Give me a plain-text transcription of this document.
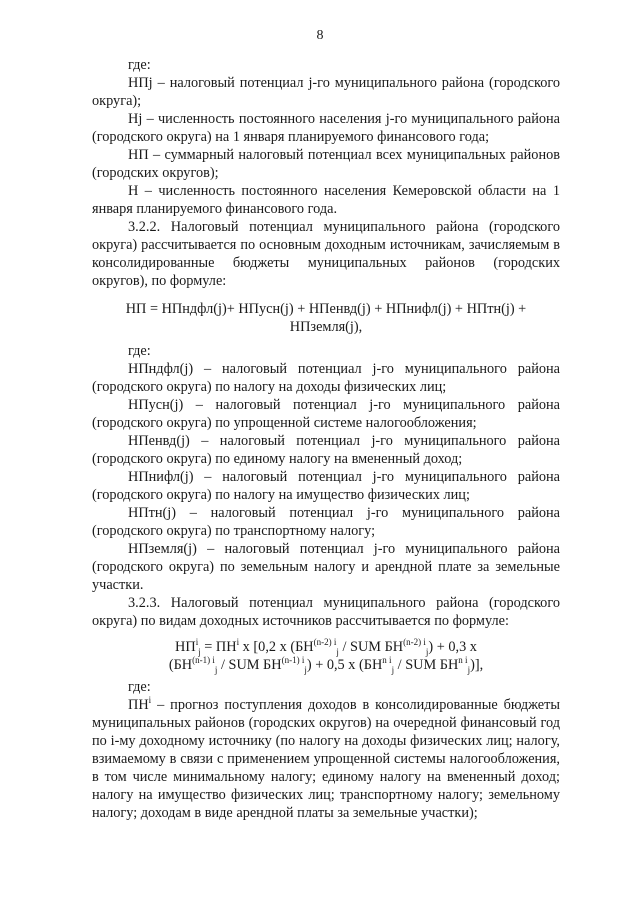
8

где:

НПj – налоговый потенциал j-го муниципального района (городского округа);

Нj – численность постоянного населения j-го муниципального района (городского округа) на 1 января планируемого финансового года;

НП – суммарный налоговый потенциал всех муниципальных районов (городских округов);

Н – численность постоянного населения Кемеровской области на 1 января планируемого финансового года.

3.2.2. Налоговый потенциал муниципального района (городского округа) рассчитывается по основным доходным источникам, зачисляемым в консолидированные бюджеты муниципальных районов (городских округов), по формуле:

НП = НПндфл(j)+ НПусн(j) + НПенвд(j) + НПнифл(j) + НПтн(j) +
НПземля(j),

где:

НПндфл(j) – налоговый потенциал j-го муниципального района (городского округа) по налогу на доходы физических лиц;

НПусн(j) – налоговый потенциал j-го муниципального района (городского округа) по упрощенной системе налогообложения;

НПенвд(j) – налоговый потенциал j-го муниципального района (городского округа) по единому налогу на вмененный доход;

НПнифл(j) – налоговый потенциал j-го муниципального района (городского округа) по налогу на имущество физических лиц;

НПтн(j) – налоговый потенциал j-го муниципального района (городского округа) по транспортному налогу;

НПземля(j) – налоговый потенциал j-го муниципального района (городского округа) по земельным налогу и арендной плате за земельные участки.

3.2.3. Налоговый потенциал муниципального района (городского округа) по видам доходных источников рассчитывается по формуле:

$НП^i_j = ПН^i$ x [0,2 x ($БН^{(n-2) i}_j$ / SUM $БН^{(n-2) i}_j) + 0,3$ x
($БН^{(n-1) i}_j$ / SUM $БН^{(n-1) i}_j) + 0,5$ x ($БН^{n i}_j$ / SUM $БН^{n i}_j$)],

где:

$ПН^i$ – прогноз поступления доходов в консолидированные бюджеты муниципальных районов (городских округов) на очередной финансовый год по i-му доходному источнику (по налогу на доходы физических лиц; налогу, взимаемому в связи с применением упрощенной системы налогообложения, в том числе минимальному налогу; единому налогу на вмененный доход; налогу на имущество физических лиц; транспортному налогу; земельному налогу; доходам в виде арендной платы за земельные участки);
